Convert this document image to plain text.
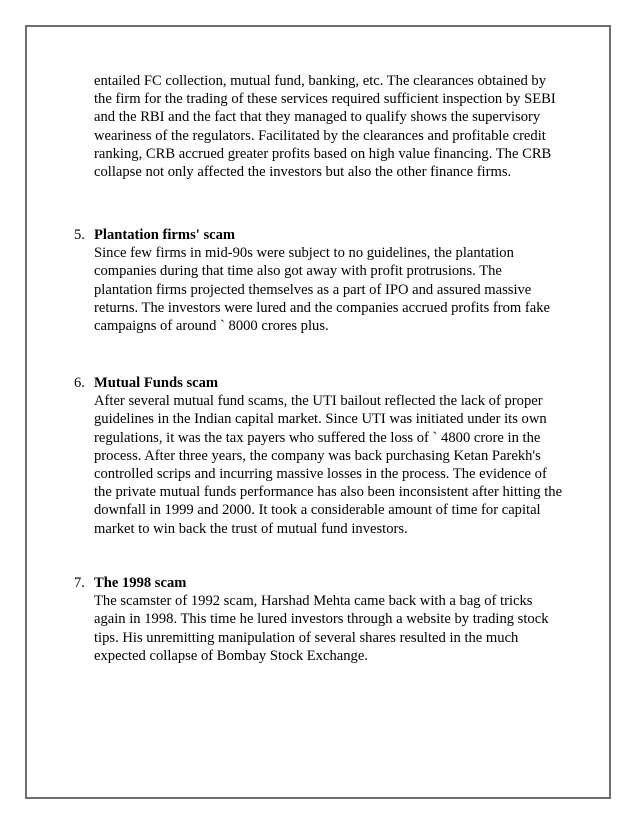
entailed FC collection, mutual fund, banking, etc. The clearances obtained by
the firm for the trading of these services required sufficient inspection by SEBI
and the RBI and the fact that they managed to qualify shows the supervisory
weariness of the regulators. Facilitated by the clearances and profitable credit
ranking, CRB accrued greater profits based on high value financing. The CRB
collapse not only affected the investors but also the other finance firms.

5. Plantation firms' scam
Since few firms in mid-90s were subject to no guidelines, the plantation
companies during that time also got away with profit protrusions. The
plantation firms projected themselves as a part of IPO and assured massive
returns. The investors were lured and the companies accrued profits from fake
campaigns of around ` 8000 crores plus.

6. Mutual Funds scam
After several mutual fund scams, the UTI bailout reflected the lack of proper
guidelines in the Indian capital market. Since UTI was initiated under its own
regulations, it was the tax payers who suffered the loss of ` 4800 crore in the
process. After three years, the company was back purchasing Ketan Parekh's
controlled scrips and incurring massive losses in the process. The evidence of
the private mutual funds performance has also been inconsistent after hitting the
downfall in 1999 and 2000. It took a considerable amount of time for capital
market to win back the trust of mutual fund investors.

7. The 1998 scam
The scamster of 1992 scam, Harshad Mehta came back with a bag of tricks
again in 1998. This time he lured investors through a website by trading stock
tips. His unremitting manipulation of several shares resulted in the much
expected collapse of Bombay Stock Exchange.
